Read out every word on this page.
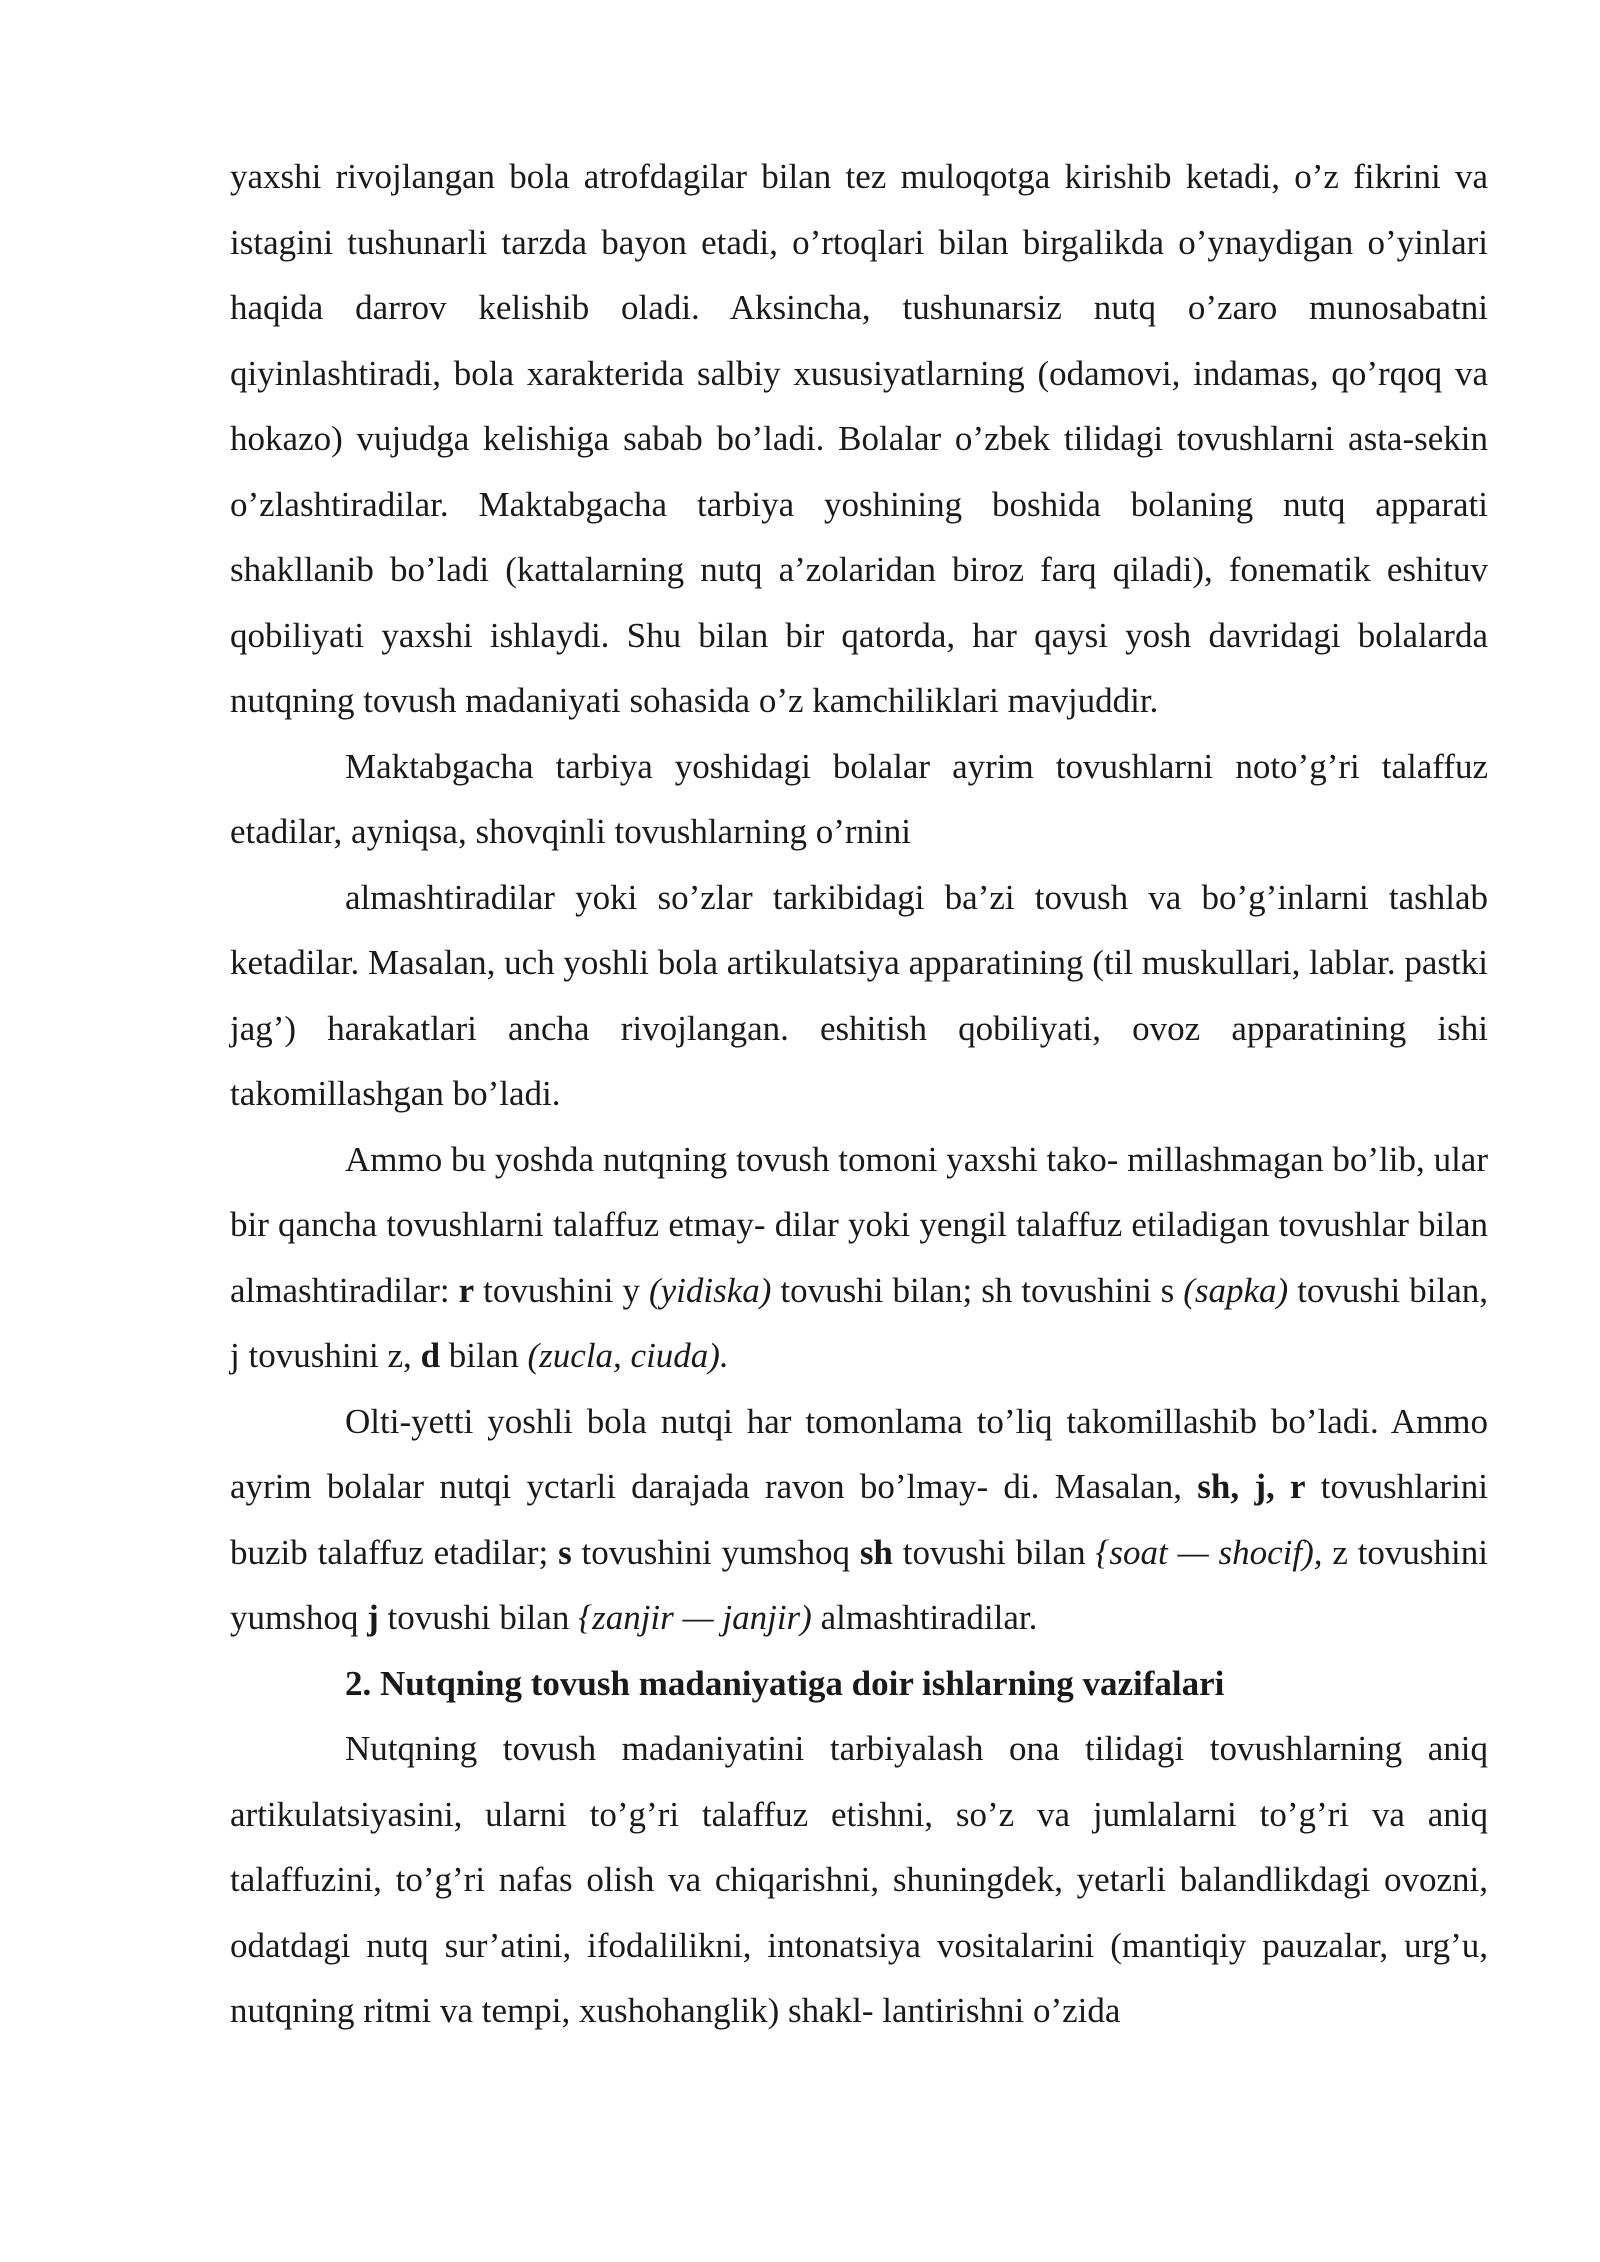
yaxshi rivojlangan bola atrofdagilar bilan tez muloqotga kirishib ketadi, o’z fikrini va istagini tushunarli tarzda bayon etadi, o’rtoqlari bilan birgalikda o’ynaydigan o’yinlari haqida darrov kelishib oladi. Aksincha, tushunarsiz nutq o’zaro munosabatni qiyinlashtiradi, bola xarakterida salbiy xususiyatlarning (odamovi, indamas, qo’rqoq va hokazo) vujudga kelishiga sabab bo’ladi. Bolalar o’zbek tilidagi tovushlarni asta-sekin o’zlashtiradilar. Maktabgacha tarbiya yoshining boshida bolaning nutq apparati shakllanib bo’ladi (kattalarning nutq a’zolaridan biroz farq qiladi), fonematik eshituv qobiliyati yaxshi ishlaydi. Shu bilan bir qatorda, har qaysi yosh davridagi bolalarda nutqning tovush madaniyati sohasida o’z kamchiliklari mavjuddir.

Maktabgacha tarbiya yoshidagi bolalar ayrim tovushlarni noto’g’ri talaffuz etadilar, ayniqsa, shovqinli tovushlarning o’rnini

almashtiradilar yoki so’zlar tarkibidagi ba’zi tovush va bo’g’inlarni tashlab ketadilar. Masalan, uch yoshli bola artikulatsiya apparatining (til muskullari, lablar. pastki jag’) harakatlari ancha rivojlangan. eshitish qobiliyati, ovoz apparatining ishi takomillashgan bo’ladi.

Ammo bu yoshda nutqning tovush tomoni yaxshi tako- millashmagan bo’lib, ular bir qancha tovushlarni talaffuz etmay- dilar yoki yengil talaffuz etiladigan tovushlar bilan almashtiradilar: r tovushini y (yidiska) tovushi bilan; sh tovushini s (sapka) tovushi bilan, j tovushini z, d bilan (zucla, ciuda).

Olti-yetti yoshli bola nutqi har tomonlama to’liq takomillashib bo’ladi. Ammo ayrim bolalar nutqi yctarli darajada ravon bo’lmay- di. Masalan, sh, j, r tovushlarini buzib talaffuz etadilar; s tovushini yumshoq sh tovushi bilan {soat — shocif), z tovushini yumshoq j tovushi bilan {zanjir — janjir) almashtiradilar.

2. Nutqning tovush madaniyatiga doir ishlarning vazifalari

Nutqning tovush madaniyatini tarbiyalash ona tilidagi tovushlarning aniq artikulatsiyasini, ularni to’g’ri talaffuz etishni, so’z va jumlalarni to’g’ri va aniq talaffuzini, to’g’ri nafas olish va chiqarishni, shuningdek, yetarli balandlikdagi ovozni, odatdagi nutq sur’atini, ifodalilikni, intonatsiya vositalarini (mantiqiy pauzalar, urg’u, nutqning ritmi va tempi, xushohanglik) shakl- lantirishni o’zida
